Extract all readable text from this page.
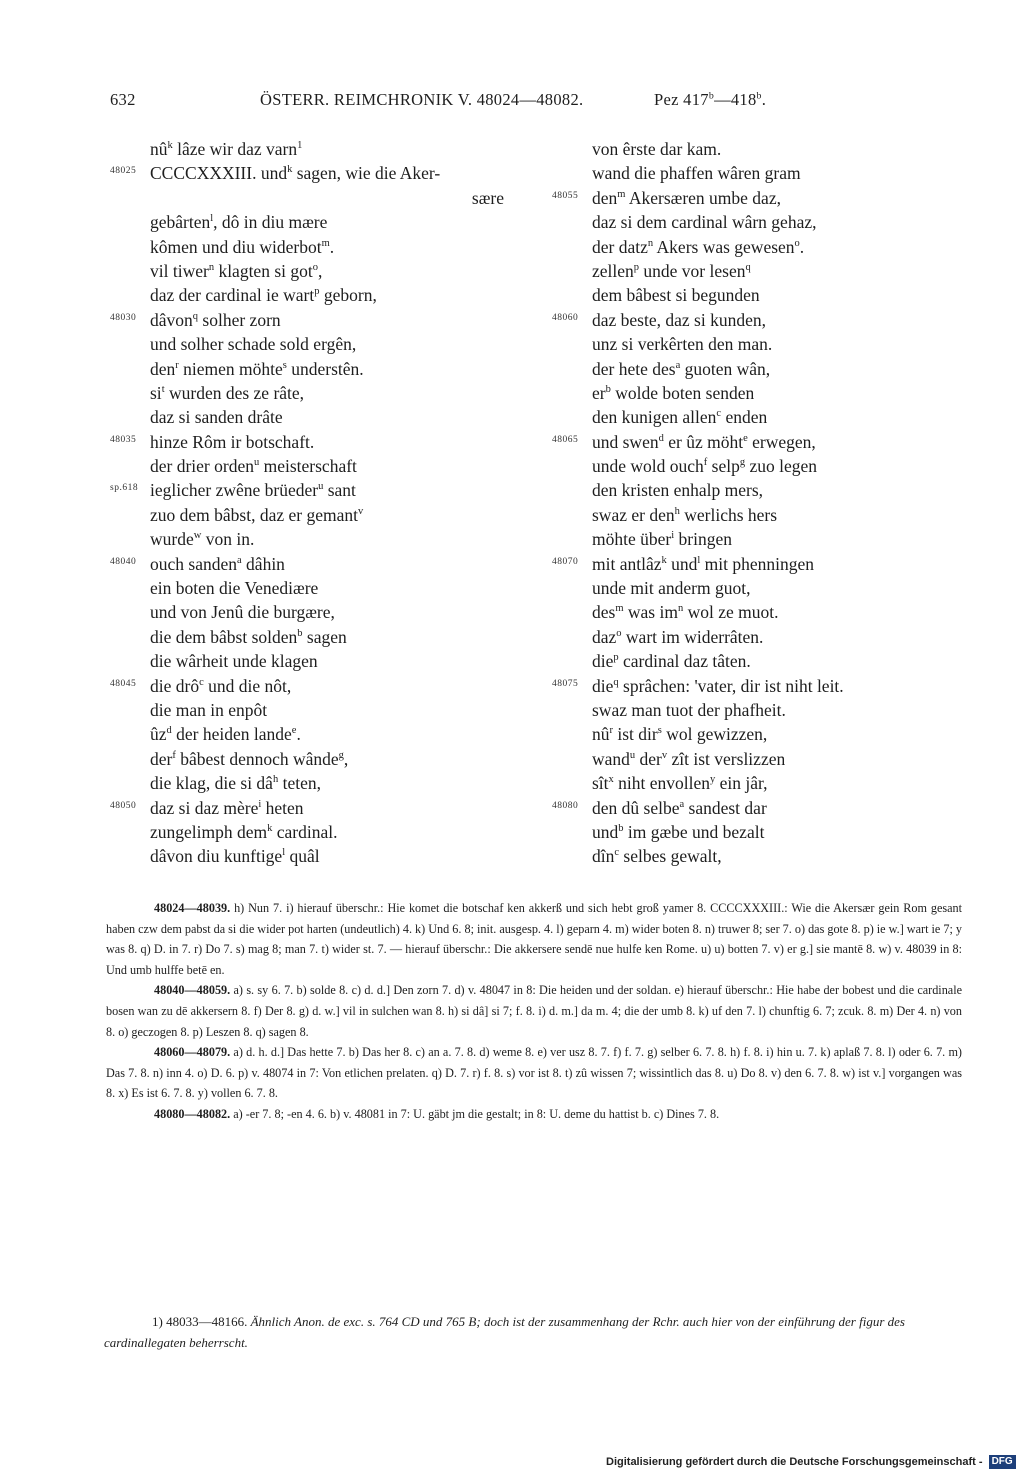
632	ÖSTERR. REIMCHRONIK V. 48024—48082.	Pez 417$^b$—418$^b$.
$nû^k$ lâze wir daz varn$^1$
48025 CCCCXXXIII. und$^k$ sagen, wie die Aker-
sære
gebârten$^l$, dô in diu mære
kômen und diu widerbot$^m$.
vil tiwer$^n$ klagten si got$^o$,
daz der cardinal ie wart$^p$ geborn,
48030 dâvon$^q$ solher zorn
und solher schade sold ergên,
den$^r$ niemen möhte$^s$ understên.
$si^t$ wurden des ze râte,
daz si sanden drâte
48035 hinze Rôm ir botschaft.
der drier orden$^u$ meisterschaft
sp.618 ieglicher zwêne brüeder$^u$ sant
zuo dem bâbst, daz er gemant$^v$
wurde$^w$ von in.
48040 ouch sanden$^a$ dâhin
ein boten die Venediære
und von Jenû die burgære,
die dem bâbst solden$^b$ sagen
die wârheit unde klagen
48045 die drô$^c$ und die nôt,
die man in enpôt
$ûz^d$ der heiden lande$^e$.
der$^f$ bâbest dennoch wânde$^g$,
die klag, die si $dâ^h$ teten,
48050 daz si daz mère$^i$ heten
zungelimph dem$^k$ cardinal.
dâvon diu kunftige$^l$ quâl
von êrste dar kam.
wand die phaffen wâren gram
48055 den$^m$ Akersæren umbe daz,
daz si dem cardinal wârn gehaz,
der datz$^n$ Akers was gewesen$^o$.
zellen$^p$ unde vor lesen$^q$
dem bâbest si begunden
48060 daz beste, daz si kunden,
unz si verkêrten den man.
der hete des$^a$ guoten wân,
$er^b$ wolde boten senden
den kunigen allen$^c$ enden
48065 und swen$^d$ er ûz möht$^e$ erwegen,
unde wold ouch$^f$ selp$^g$ zuo legen
den kristen enhalp mers,
swaz er den$^h$ werlichs hers
möhte über$^i$ bringen
48070 mit antlâz$^k$ und$^l$ mit phenningen
unde mit anderm guot,
des$^m$ was $im^n$ wol ze muot.
daz$^o$ wart im widerrâten.
die$^p$ cardinal daz tâten.
48075 die$^q$ sprâchen: 'vater, dir ist niht leit.
swaz man tuot der phafheit.
$nû^r$ ist dir$^s$ wol gewizzen,
wand$^u$ der$^v$ zît ist verslizzen
sît$^x$ niht envollen$^y$ ein jâr,
48080 den dû selbe$^a$ sandest dar
und$^b$ im gæbe und bezalt
dîn$^c$ selbes gewalt,
48024—48039. h) Nun 7. i) hierauf überschr.: Hie komet die botschaf ken akkerß und sich hebt groß yamer 8. CCCCXXXIII.: Wie die Akersær gein Rom gesant haben czw dem pabst da si die wider pot harten (undeutlich) 4. k) Und 6. 8; init. ausgesp. 4. l) geparn 4. m) wider boten 8. n) truwer 8; ser 7. o) das gote 8. p) ie w.] wart ie 7; y was 8. q) D. in 7. r) Do 7. s) mag 8; man 7. t) wider st. 7. — hierauf überschr.: Die akkersere sendē nue hulfe ken Rome. u) u) botten 7. v) er g.] sie mantē 8. w) v. 48039 in 8: Und umb hulffe betē en.
48040—48059. a) s. sy 6. 7. b) solde 8. c) d. d.] Den zorn 7. d) v. 48047 in 8: Die heiden und der soldan. e) hierauf überschr.: Hie habe der bobest und die cardinale bosen wan zu dē akkersern 8. f) Der 8. g) d. w.] vil in sulchen wan 8. h) si dâ] si 7; f. 8. i) d. m.] da m. 4; die der umb 8. k) uf den 7. l) chunftig 6. 7; zcuk. 8. m) Der 4. n) von 8. o) geczogen 8. p) Leszen 8. q) sagen 8.
48060—48079. a) d. h. d.] Das hette 7. b) Das her 8. c) an a. 7. 8. d) weme 8. e) ver usz 8. 7. f) f. 7. g) selber 6. 7. 8. h) f. 8. i) hin u. 7. k) aplaß 7. 8. l) oder 6. 7. m) Das 7. 8. n) inn 4. o) D. 6. p) v. 48074 in 7: Von etlichen prelaten. q) D. 7. r) f. 8. s) vor ist 8. t) zû wissen 7; wissintlich das 8. u) Do 8. v) den 6. 7. 8. w) ist v.] vorgangen was 8. x) Es ist 6. 7. 8. y) vollen 6. 7. 8.
48080—48082. a) -er 7. 8; -en 4. 6. b) v. 48081 in 7: U. gäbt jm die gestalt; in 8: U. deme du hattist b. c) Dines 7. 8.
1) 48033—48166. Ähnlich Anon. de exc. s. 764 CD und 765 B; doch ist der zusammenhang der Rchr. auch hier von der einführung der figur des cardinallegaten beherrscht.
Digitalisierung gefördert durch die Deutsche Forschungsgemeinschaft - DFG
